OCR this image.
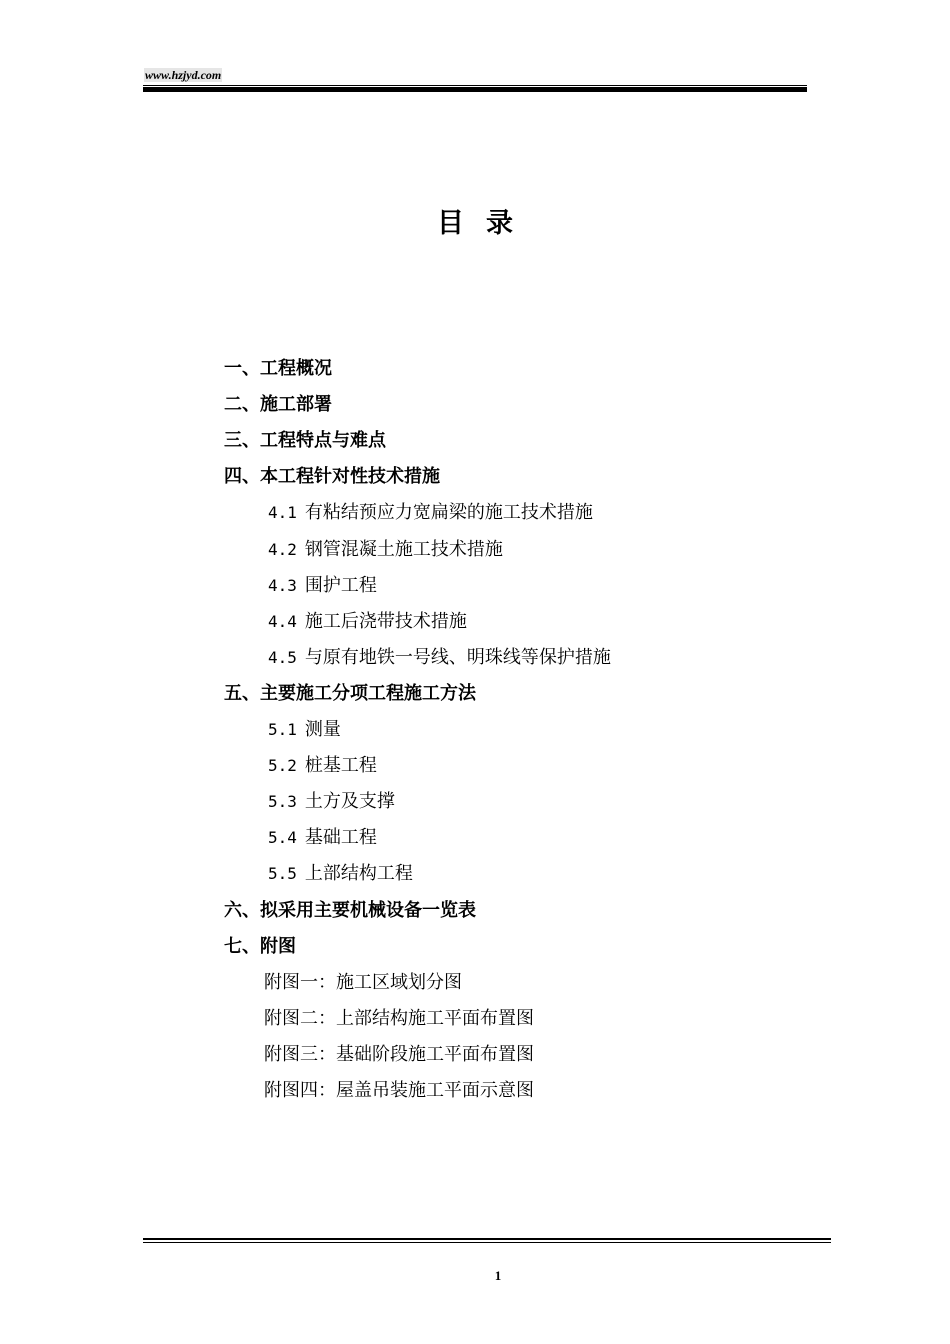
www.hzjyd.com
目录
一、工程概况
二、施工部署
三、工程特点与难点
四、本工程针对性技术措施
4.1 有粘结预应力宽扁梁的施工技术措施
4.2 钢管混凝土施工技术措施
4.3 围护工程
4.4 施工后浇带技术措施
4.5 与原有地铁一号线、明珠线等保护措施
五、主要施工分项工程施工方法
5.1 测量
5.2 桩基工程
5.3 土方及支撑
5.4 基础工程
5.5 上部结构工程
六、拟采用主要机械设备一览表
七、附图
附图一：施工区域划分图
附图二：上部结构施工平面布置图
附图三：基础阶段施工平面布置图
附图四：屋盖吊装施工平面示意图
1
